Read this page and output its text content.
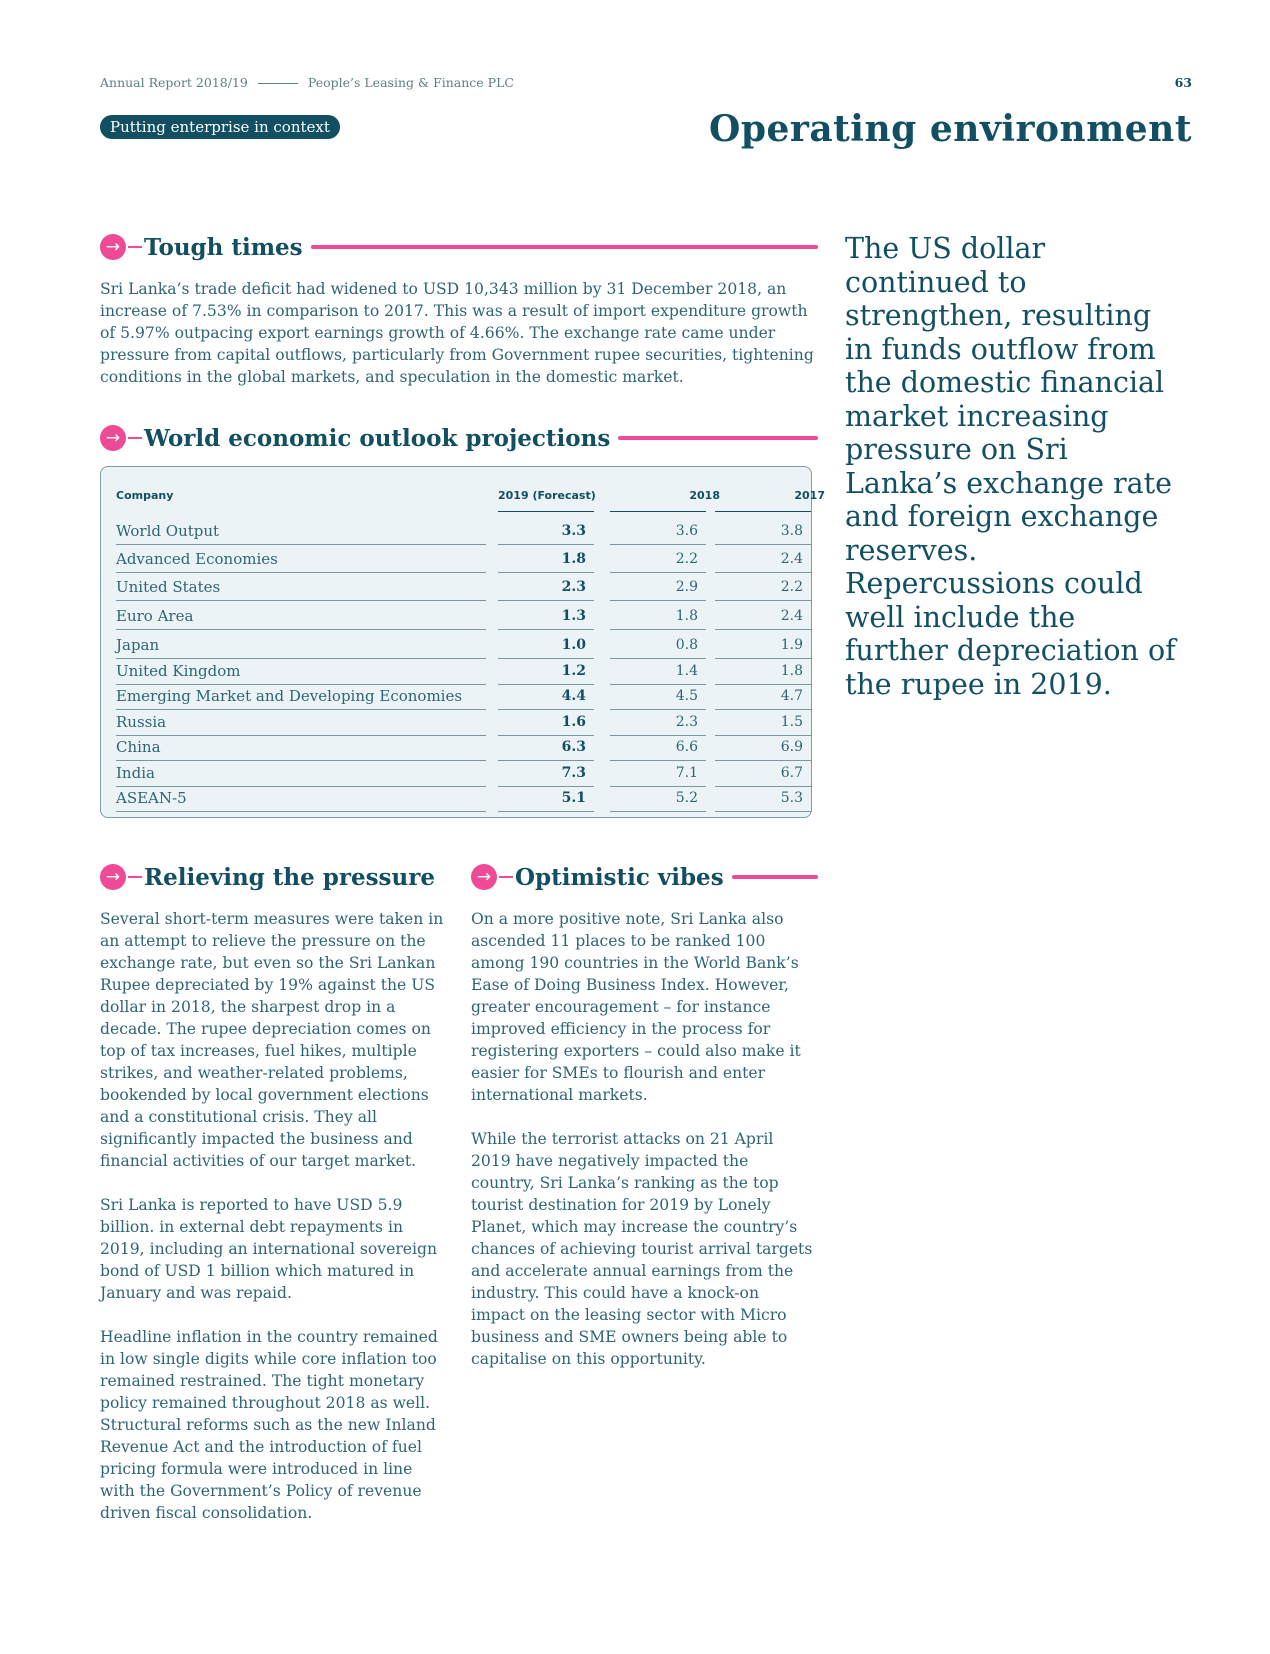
Annual Report 2018/19	People’s Leasing & Finance PLC	63
Putting enterprise in context	Operating environment
→ Tough times

Sri Lanka’s trade deficit had widened to USD 10,343 million by 31 December 2018, an increase of 7.53% in comparison to 2017. This was a result of import expenditure growth of 5.97% outpacing export earnings growth of 4.66%. The exchange rate came under pressure from capital outflows, particularly from Government rupee securities, tightening conditions in the global markets, and speculation in the domestic market.

→ World economic outlook projections
Company	2019 (Forecast)	2018	2017
World Output	3.3	3.6	3.8
Advanced Economies	1.8	2.2	2.4
United States	2.3	2.9	2.2
Euro Area	1.3	1.8	2.4
Japan	1.0	0.8	1.9
United Kingdom	1.2	1.4	1.8
Emerging Market and Developing Economies	4.4	4.5	4.7
Russia	1.6	2.3	1.5
China	6.3	6.6	6.9
India	7.3	7.1	6.7
ASEAN-5	5.1	5.2	5.3

The US dollar continued to strengthen, resulting in funds outflow from the domestic financial market increasing pressure on Sri Lanka’s exchange rate and foreign exchange reserves. Repercussions could well include the further depreciation of the rupee in 2019.

→ Relieving the pressure

Several short-term measures were taken in an attempt to relieve the pressure on the exchange rate, but even so the Sri Lankan Rupee depreciated by 19% against the US dollar in 2018, the sharpest drop in a decade. The rupee depreciation comes on top of tax increases, fuel hikes, multiple strikes, and weather-related problems, bookended by local government elections and a constitutional crisis. They all significantly impacted the business and financial activities of our target market.

Sri Lanka is reported to have USD 5.9 billion. in external debt repayments in 2019, including an international sovereign bond of USD 1 billion which matured in January and was repaid.

Headline inflation in the country remained in low single digits while core inflation too remained restrained. The tight monetary policy remained throughout 2018 as well. Structural reforms such as the new Inland Revenue Act and the introduction of fuel pricing formula were introduced in line with the Government’s Policy of revenue driven fiscal consolidation.

→ Optimistic vibes

On a more positive note, Sri Lanka also ascended 11 places to be ranked 100 among 190 countries in the World Bank’s Ease of Doing Business Index. However, greater encouragement – for instance improved efficiency in the process for registering exporters – could also make it easier for SMEs to flourish and enter international markets.

While the terrorist attacks on 21 April 2019 have negatively impacted the country, Sri Lanka’s ranking as the top tourist destination for 2019 by Lonely Planet, which may increase the country’s chances of achieving tourist arrival targets and accelerate annual earnings from the industry. This could have a knock-on impact on the leasing sector with Micro business and SME owners being able to capitalise on this opportunity.
